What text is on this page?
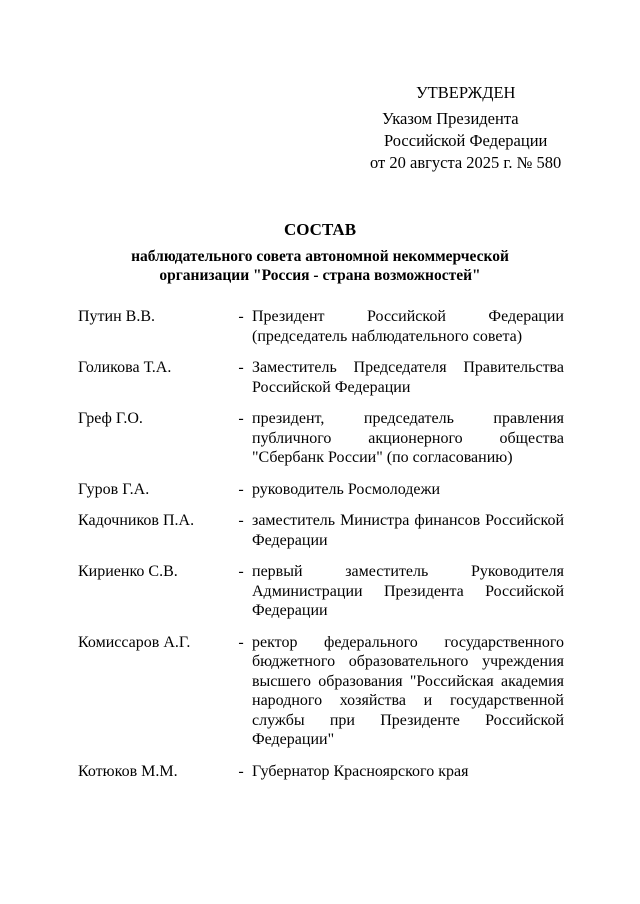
УТВЕРЖДЕН
Указом Президента
Российской Федерации
от 20 августа 2025 г. № 580
СОСТАВ
наблюдательного совета автономной некоммерческой
организации "Россия - страна возможностей"
Путин В.В.	- Президент Российской Федерации (председатель наблюдательного совета)
Голикова Т.А.	- Заместитель Председателя Правительства Российской Федерации
Греф Г.О.	- президент, председатель правления публичного акционерного общества "Сбербанк России" (по согласованию)
Гуров Г.А.	- руководитель Росмолодежи
Кадочников П.А.	- заместитель Министра финансов Российской Федерации
Кириенко С.В.	- первый заместитель Руководителя Администрации Президента Российской Федерации
Комиссаров А.Г.	- ректор федерального государственного бюджетного образовательного учреждения высшего образования "Российская академия народного хозяйства и государственной службы при Президенте Российской Федерации"
Котюков М.М.	- Губернатор Красноярского края
